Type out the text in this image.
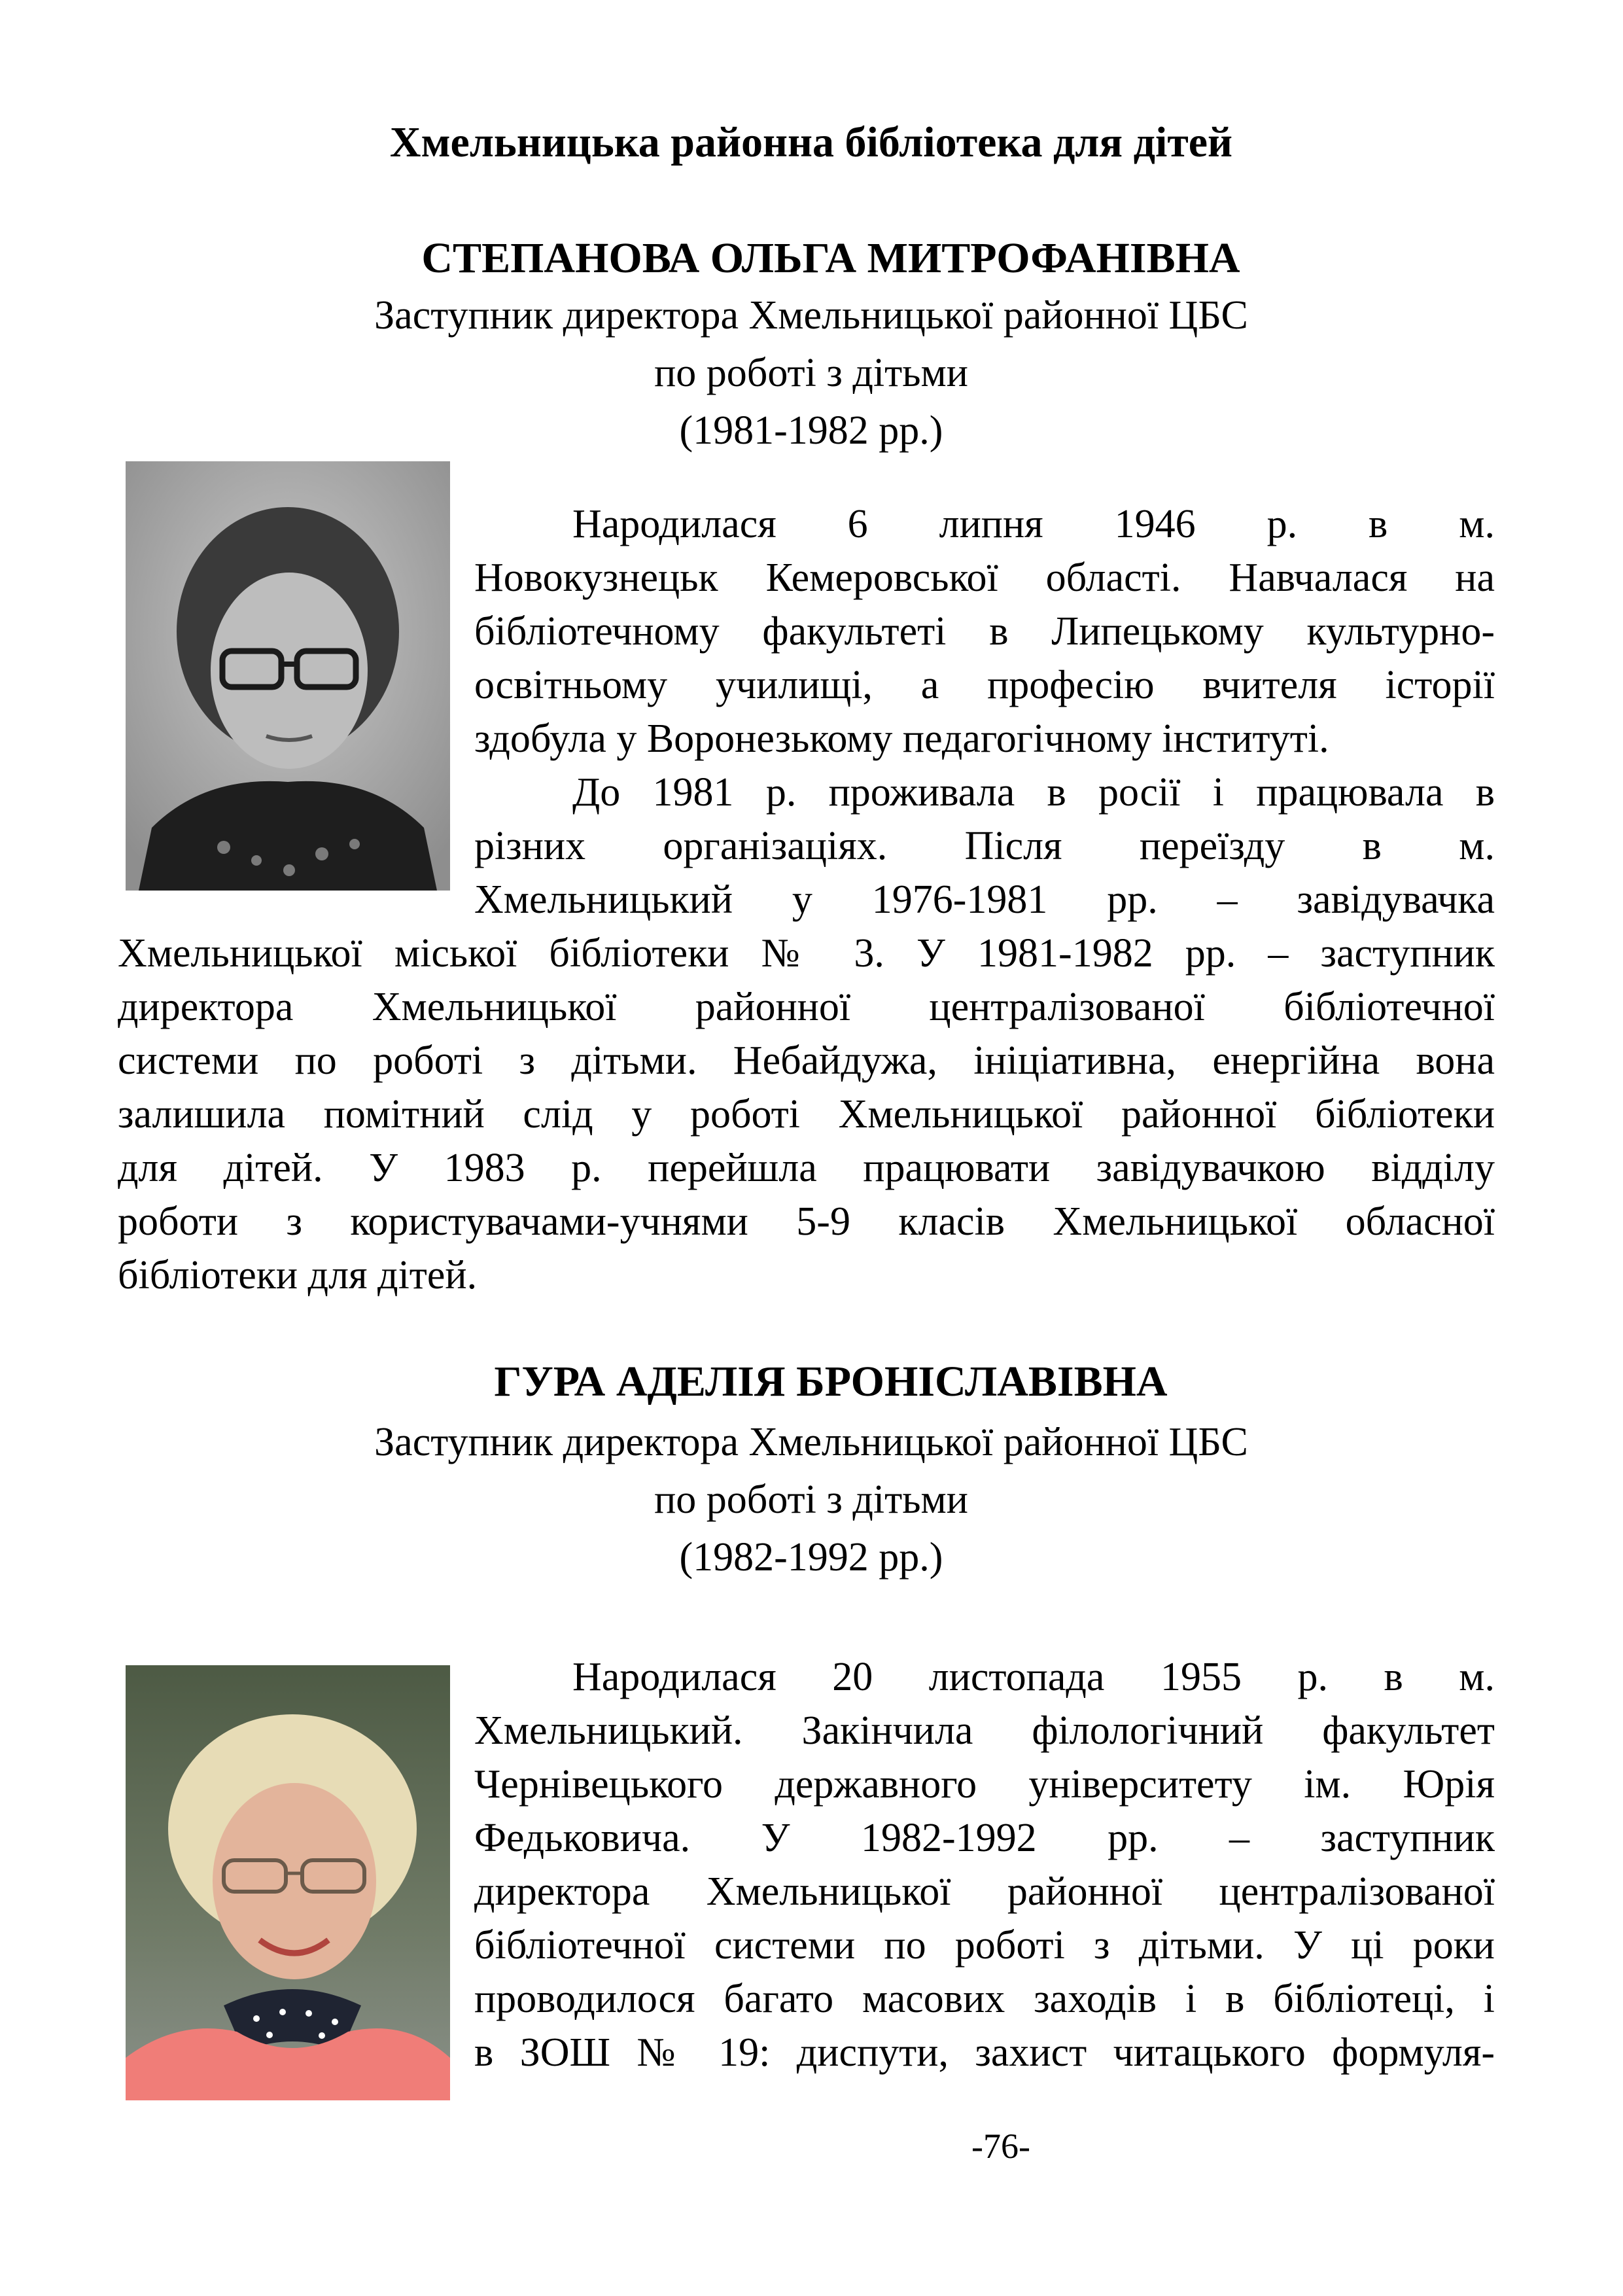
Хмельницька районна бібліотека для дітей
СТЕПАНОВА ОЛЬГА МИТРОФАНІВНА
Заступник директора Хмельницької районної ЦБС
по роботі з дітьми
(1981-1982 рр.)
Народилася 6 липня 1946 р. в м.
Новокузнецьк Кемеровської області. Навчалася на
бібліотечному факультеті в Липецькому культурно-
освітньому училищі, а професію вчителя історії
здобула у Воронезькому педагогічному інституті.
До 1981 р. проживала в росії і працювала в
різних організаціях. Після переїзду в м.
Хмельницький у 1976-1981 рр. – завідувачка
Хмельницької міської бібліотеки № 3. У 1981-1982 рр. – заступник
директора Хмельницької районної централізованої бібліотечної
системи по роботі з дітьми. Небайдужа, ініціативна, енергійна вона
залишила помітний слід у роботі Хмельницької районної бібліотеки
для дітей. У 1983 р. перейшла працювати завідувачкою відділу
роботи з користувачами-учнями 5-9 класів Хмельницької обласної
бібліотеки для дітей.
ГУРА АДЕЛІЯ БРОНІСЛАВІВНА
Заступник директора Хмельницької районної ЦБС
по роботі з дітьми
(1982-1992 рр.)
Народилася 20 листопада 1955 р. в м.
Хмельницький. Закінчила філологічний факультет
Чернівецького державного університету ім. Юрія
Федьковича. У 1982-1992 рр. – заступник
директора Хмельницької районної централізованої
бібліотечної системи по роботі з дітьми. У ці роки
проводилося багато масових заходів і в бібліотеці, і
в ЗОШ № 19: диспути, захист читацького формуля-
-76-
